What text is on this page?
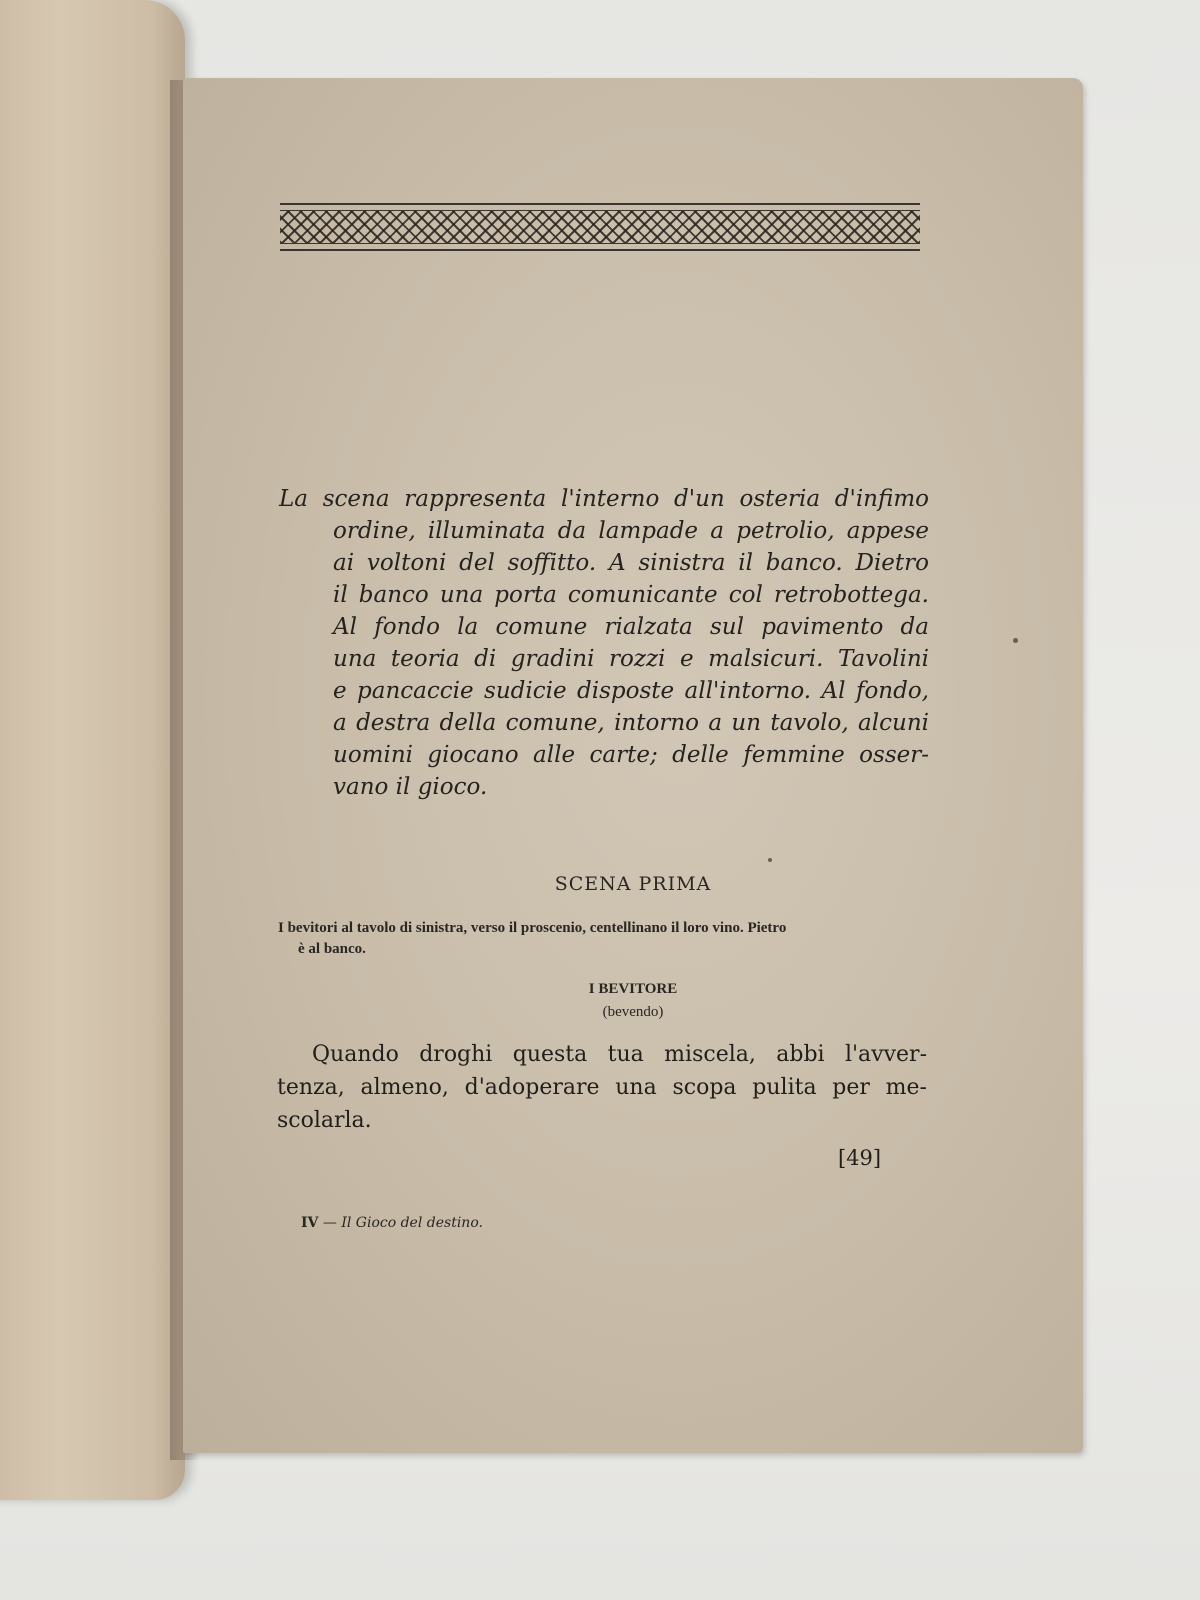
La scena rappresenta l'interno d'un osteria d'infimo
ordine, illuminata da lampade a petrolio, appese
ai voltoni del soffitto. A sinistra il banco. Dietro
il banco una porta comunicante col retrobottega.
Al fondo la comune rialzata sul pavimento da
una teoria di gradini rozzi e malsicuri. Tavolini
e pancaccie sudicie disposte all'intorno. Al fondo,
a destra della comune, intorno a un tavolo, alcuni
uomini giocano alle carte; delle femmine osser-
vano il gioco.
SCENA PRIMA
I bevitori al tavolo di sinistra, verso il proscenio, centellinano il loro vino. Pietro
è al banco.
I BEVITORE
(bevendo)
Quando droghi questa tua miscela, abbi l'avver-
tenza, almeno, d'adoperare una scopa pulita per me-
scolarla.
[49]
IV — Il Gioco del destino.
